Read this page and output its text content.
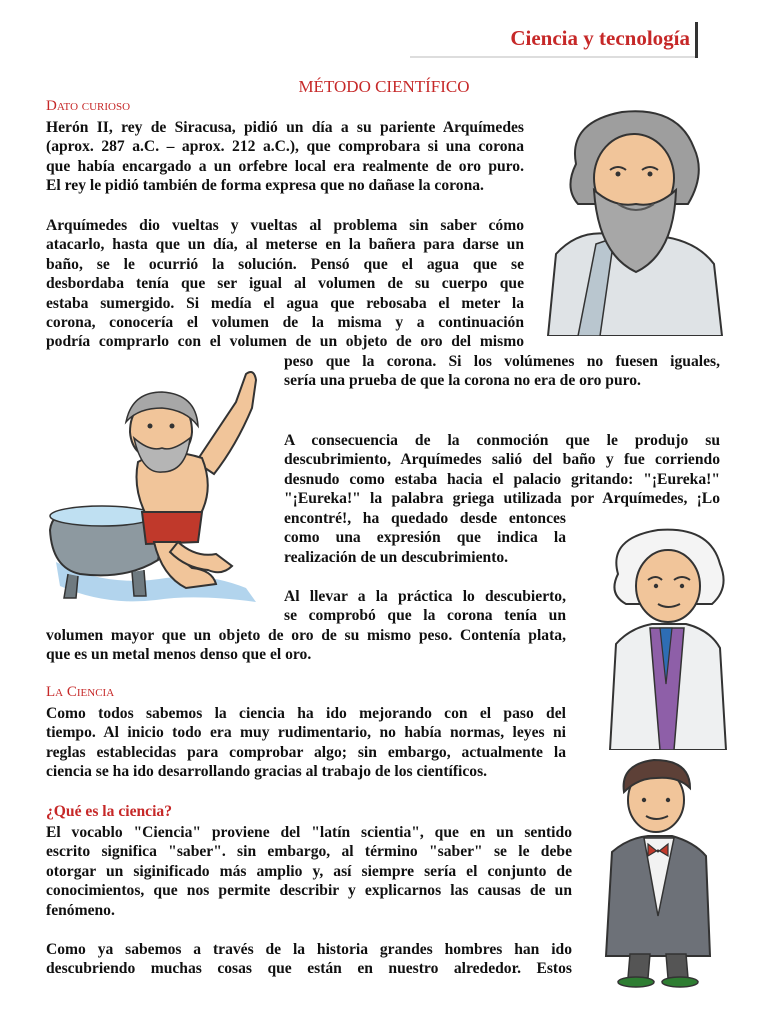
Ciencia y tecnología
MÉTODO CIENTÍFICO
Dato curioso
Herón II, rey de Siracusa, pidió un día a su pariente Arquímedes
(aprox. 287 a.C. – aprox. 212 a.C.), que comprobara si una corona
que había encargado a un orfebre local era realmente de oro puro.
El rey le pidió también de forma expresa que no dañase la corona.
Arquímedes dio vueltas y vueltas al problema sin saber cómo
atacarlo, hasta que un día, al meterse en la bañera para darse un
baño, se le ocurrió la solución. Pensó que el agua que se
desbordaba tenía que ser igual al volumen de su cuerpo que
estaba sumergido. Si medía el agua que rebosaba el meter la
corona, conocería el volumen de la misma y a continuación
podría comprarlo con el volumen de un objeto de oro del mismo
peso que la corona. Si los volúmenes no fuesen iguales,
sería una prueba de que la corona no era de oro puro.
A consecuencia de la conmoción que le produjo su
descubrimiento, Arquímedes salió del baño y fue corriendo
desnudo como estaba hacia el palacio gritando: "¡Eureka!"
"¡Eureka!" la palabra griega utilizada por Arquímedes, ¡Lo
encontré!, ha quedado desde entonces
como una expresión que indica la
realización de un descubrimiento.
Al llevar a la práctica lo descubierto,
se comprobó que la corona tenía un
volumen mayor que un objeto de oro de su mismo peso. Contenía plata,
que es un metal menos denso que el oro.
La Ciencia
Como todos sabemos la ciencia ha ido mejorando con el paso del
tiempo. Al inicio todo era muy rudimentario, no había normas, leyes ni
reglas establecidas para comprobar algo; sin embargo, actualmente la
ciencia se ha ido desarrollando gracias al trabajo de los científicos.
¿Qué es la ciencia?
El vocablo "Ciencia" proviene del "latín scientia", que en un sentido
escrito significa "saber". sin embargo, al término "saber" se le debe
otorgar un siginificado más amplio y, así siempre sería el conjunto de
conocimientos, que nos permite describir y explicarnos las causas de un
fenómeno.
Como ya sabemos a través de la historia grandes hombres han ido
descubriendo muchas cosas que están en nuestro alrededor. Estos
